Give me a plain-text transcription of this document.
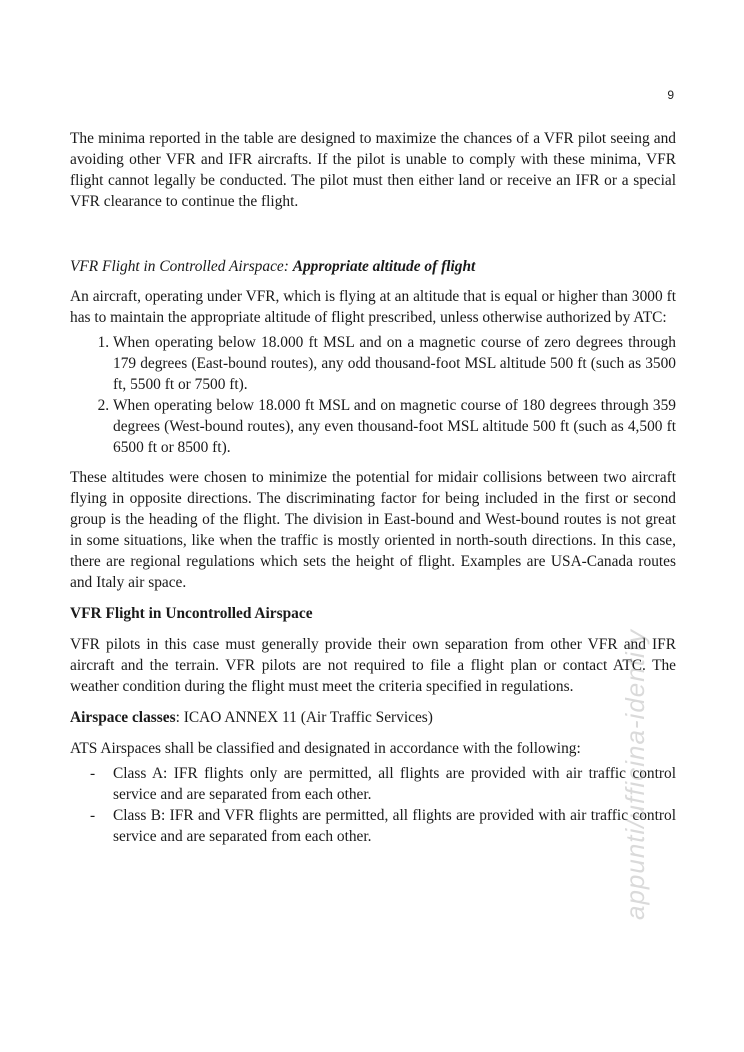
9

The minima reported in the table are designed to maximize the chances of a VFR pilot seeing and avoiding other VFR and IFR aircrafts. If the pilot is unable to comply with these minima, VFR flight cannot legally be conducted. The pilot must then either land or receive an IFR or a special VFR clearance to continue the flight.

VFR Flight in Controlled Airspace: Appropriate altitude of flight

An aircraft, operating under VFR, which is flying at an altitude that is equal or higher than 3000 ft has to maintain the appropriate altitude of flight prescribed, unless otherwise authorized by ATC:

1. When operating below 18.000 ft MSL and on a magnetic course of zero degrees through 179 degrees (East-bound routes), any odd thousand-foot MSL altitude 500 ft (such as 3500 ft, 5500 ft or 7500 ft).
2. When operating below 18.000 ft MSL and on magnetic course of 180 degrees through 359 degrees (West-bound routes), any even thousand-foot MSL altitude 500 ft (such as 4,500 ft 6500 ft or 8500 ft).

These altitudes were chosen to minimize the potential for midair collisions between two aircraft flying in opposite directions. The discriminating factor for being included in the first or second group is the heading of the flight. The division in East-bound and West-bound routes is not great in some situations, like when the traffic is mostly oriented in north-south directions. In this case, there are regional regulations which sets the height of flight. Examples are USA-Canada routes and Italy air space.

VFR Flight in Uncontrolled Airspace

VFR pilots in this case must generally provide their own separation from other VFR and IFR aircraft and the terrain. VFR pilots are not required to file a flight plan or contact ATC. The weather condition during the flight must meet the criteria specified in regulations.

Airspace classes: ICAO ANNEX 11 (Air Traffic Services)

ATS Airspaces shall be classified and designated in accordance with the following:

- Class A: IFR flights only are permitted, all flights are provided with air traffic control service and are separated from each other.
- Class B: IFR and VFR flights are permitted, all flights are provided with air traffic control service and are separated from each other.	appunti/ufficina-identity
